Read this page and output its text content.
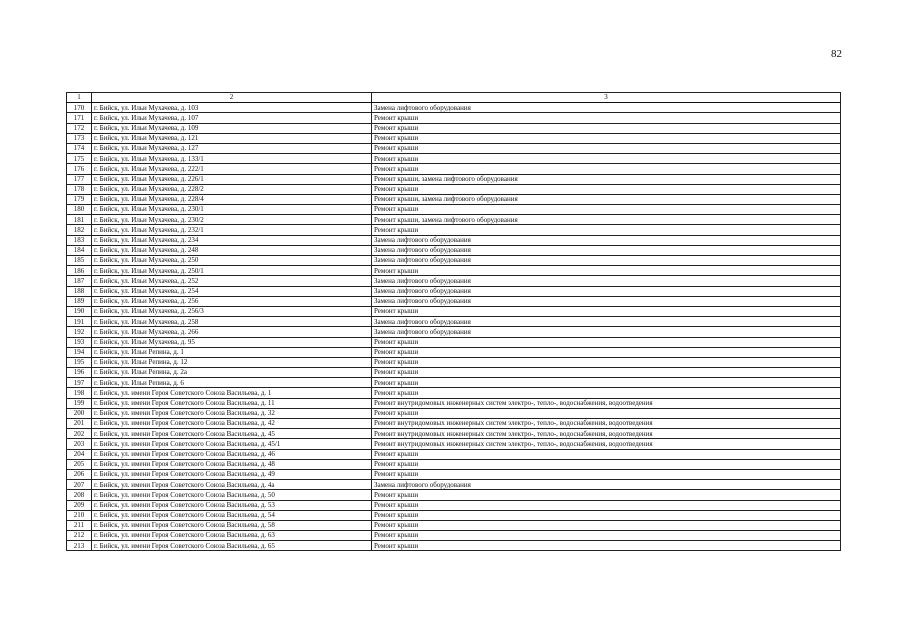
82
1	2	3
170	г. Бийск, ул. Ильи Мухачева, д. 103	Замена лифтового оборудования
171	г. Бийск, ул. Ильи Мухачева, д. 107	Ремонт крыши
172	г. Бийск, ул. Ильи Мухачева, д. 109	Ремонт крыши
173	г. Бийск, ул. Ильи Мухачева, д. 121	Ремонт крыши
174	г. Бийск, ул. Ильи Мухачева, д. 127	Ремонт крыши
175	г. Бийск, ул. Ильи Мухачева, д. 133/1	Ремонт крыши
176	г. Бийск, ул. Ильи Мухачева, д. 222/1	Ремонт крыши
177	г. Бийск, ул. Ильи Мухачева, д. 226/1	Ремонт крыши, замена лифтового оборудования
178	г. Бийск, ул. Ильи Мухачева, д. 228/2	Ремонт крыши
179	г. Бийск, ул. Ильи Мухачева, д. 228/4	Ремонт крыши, замена лифтового оборудования
180	г. Бийск, ул. Ильи Мухачева, д. 230/1	Ремонт крыши
181	г. Бийск, ул. Ильи Мухачева, д. 230/2	Ремонт крыши, замена лифтового оборудования
182	г. Бийск, ул. Ильи Мухачева, д. 232/1	Ремонт крыши
183	г. Бийск, ул. Ильи Мухачева, д. 234	Замена лифтового оборудования
184	г. Бийск, ул. Ильи Мухачева, д. 248	Замена лифтового оборудования
185	г. Бийск, ул. Ильи Мухачева, д. 250	Замена лифтового оборудования
186	г. Бийск, ул. Ильи Мухачева, д. 250/1	Ремонт крыши
187	г. Бийск, ул. Ильи Мухачева, д. 252	Замена лифтового оборудования
188	г. Бийск, ул. Ильи Мухачева, д. 254	Замена лифтового оборудования
189	г. Бийск, ул. Ильи Мухачева, д. 256	Замена лифтового оборудования
190	г. Бийск, ул. Ильи Мухачева, д. 256/3	Ремонт крыши
191	г. Бийск, ул. Ильи Мухачева, д. 258	Замена лифтового оборудования
192	г. Бийск, ул. Ильи Мухачева, д. 266	Замена лифтового оборудования
193	г. Бийск, ул. Ильи Мухачева, д. 95	Ремонт крыши
194	г. Бийск, ул. Ильи Репина, д. 1	Ремонт крыши
195	г. Бийск, ул. Ильи Репина, д. 12	Ремонт крыши
196	г. Бийск, ул. Ильи Репина, д. 2а	Ремонт крыши
197	г. Бийск, ул. Ильи Репина, д. 6	Ремонт крыши
198	г. Бийск, ул. имени Героя Советского Союза Васильева, д. 1	Ремонт крыши
199	г. Бийск, ул. имени Героя Советского Союза Васильева, д. 11	Ремонт внутридомовых инженерных систем электро-, тепло-, водоснабжения, водоотведения
200	г. Бийск, ул. имени Героя Советского Союза Васильева, д. 32	Ремонт крыши
201	г. Бийск, ул. имени Героя Советского Союза Васильева, д. 42	Ремонт внутридомовых инженерных систем электро-, тепло-, водоснабжения, водоотведения
202	г. Бийск, ул. имени Героя Советского Союза Васильева, д. 45	Ремонт внутридомовых инженерных систем электро-, тепло-, водоснабжения, водоотведения
203	г. Бийск, ул. имени Героя Советского Союза Васильева, д. 45/1	Ремонт внутридомовых инженерных систем электро-, тепло-, водоснабжения, водоотведения
204	г. Бийск, ул. имени Героя Советского Союза Васильева, д. 46	Ремонт крыши
205	г. Бийск, ул. имени Героя Советского Союза Васильева, д. 48	Ремонт крыши
206	г. Бийск, ул. имени Героя Советского Союза Васильева, д. 49	Ремонт крыши
207	г. Бийск, ул. имени Героя Советского Союза Васильева, д. 4а	Замена лифтового оборудования
208	г. Бийск, ул. имени Героя Советского Союза Васильева, д. 50	Ремонт крыши
209	г. Бийск, ул. имени Героя Советского Союза Васильева, д. 53	Ремонт крыши
210	г. Бийск, ул. имени Героя Советского Союза Васильева, д. 54	Ремонт крыши
211	г. Бийск, ул. имени Героя Советского Союза Васильева, д. 58	Ремонт крыши
212	г. Бийск, ул. имени Героя Советского Союза Васильева, д. 63	Ремонт крыши
213	г. Бийск, ул. имени Героя Советского Союза Васильева, д. 65	Ремонт крыши
